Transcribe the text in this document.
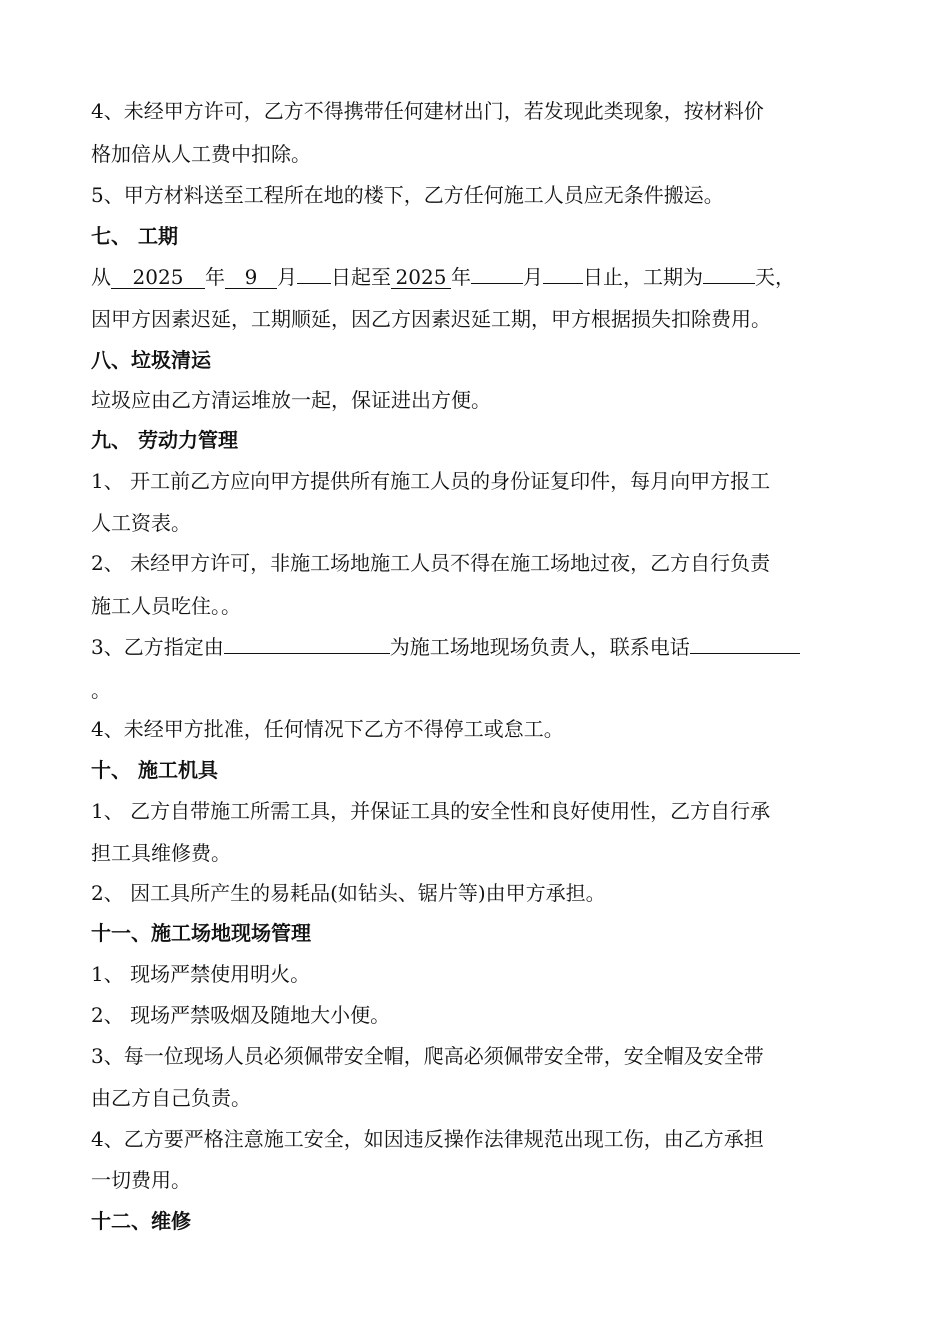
4、未经甲方许可，乙方不得携带任何建材出门，若发现此类现象，按材料价
格加倍从人工费中扣除。
5、甲方材料送至工程所在地的楼下，乙方任何施工人员应无条件搬运。
七、 工期
从 2025 年 9 月 日起至 2025 年	月 日止，工期为	天，
因甲方因素迟延，工期顺延，因乙方因素迟延工期，甲方根据损失扣除费用。
八、垃圾清运
垃圾应由乙方清运堆放一起，保证进出方便。
九、 劳动力管理
1、 开工前乙方应向甲方提供所有施工人员的身份证复印件，每月向甲方报工
人工资表。
2、 未经甲方许可，非施工场地施工人员不得在施工场地过夜，乙方自行负责
施工人员吃住。。
3、乙方指定由	为施工场地现场负责人，联系电话
。
4、未经甲方批准，任何情况下乙方不得停工或怠工。
十、 施工机具
1、 乙方自带施工所需工具，并保证工具的安全性和良好使用性，乙方自行承
担工具维修费。
2、 因工具所产生的易耗品(如钻头、锯片等)由甲方承担。
十一、施工场地现场管理
1、 现场严禁使用明火。
2、 现场严禁吸烟及随地大小便。
3、每一位现场人员必须佩带安全帽，爬高必须佩带安全带，安全帽及安全带
由乙方自己负责。
4、乙方要严格注意施工安全，如因违反操作法律规范出现工伤，由乙方承担
一切费用。
十二、维修
